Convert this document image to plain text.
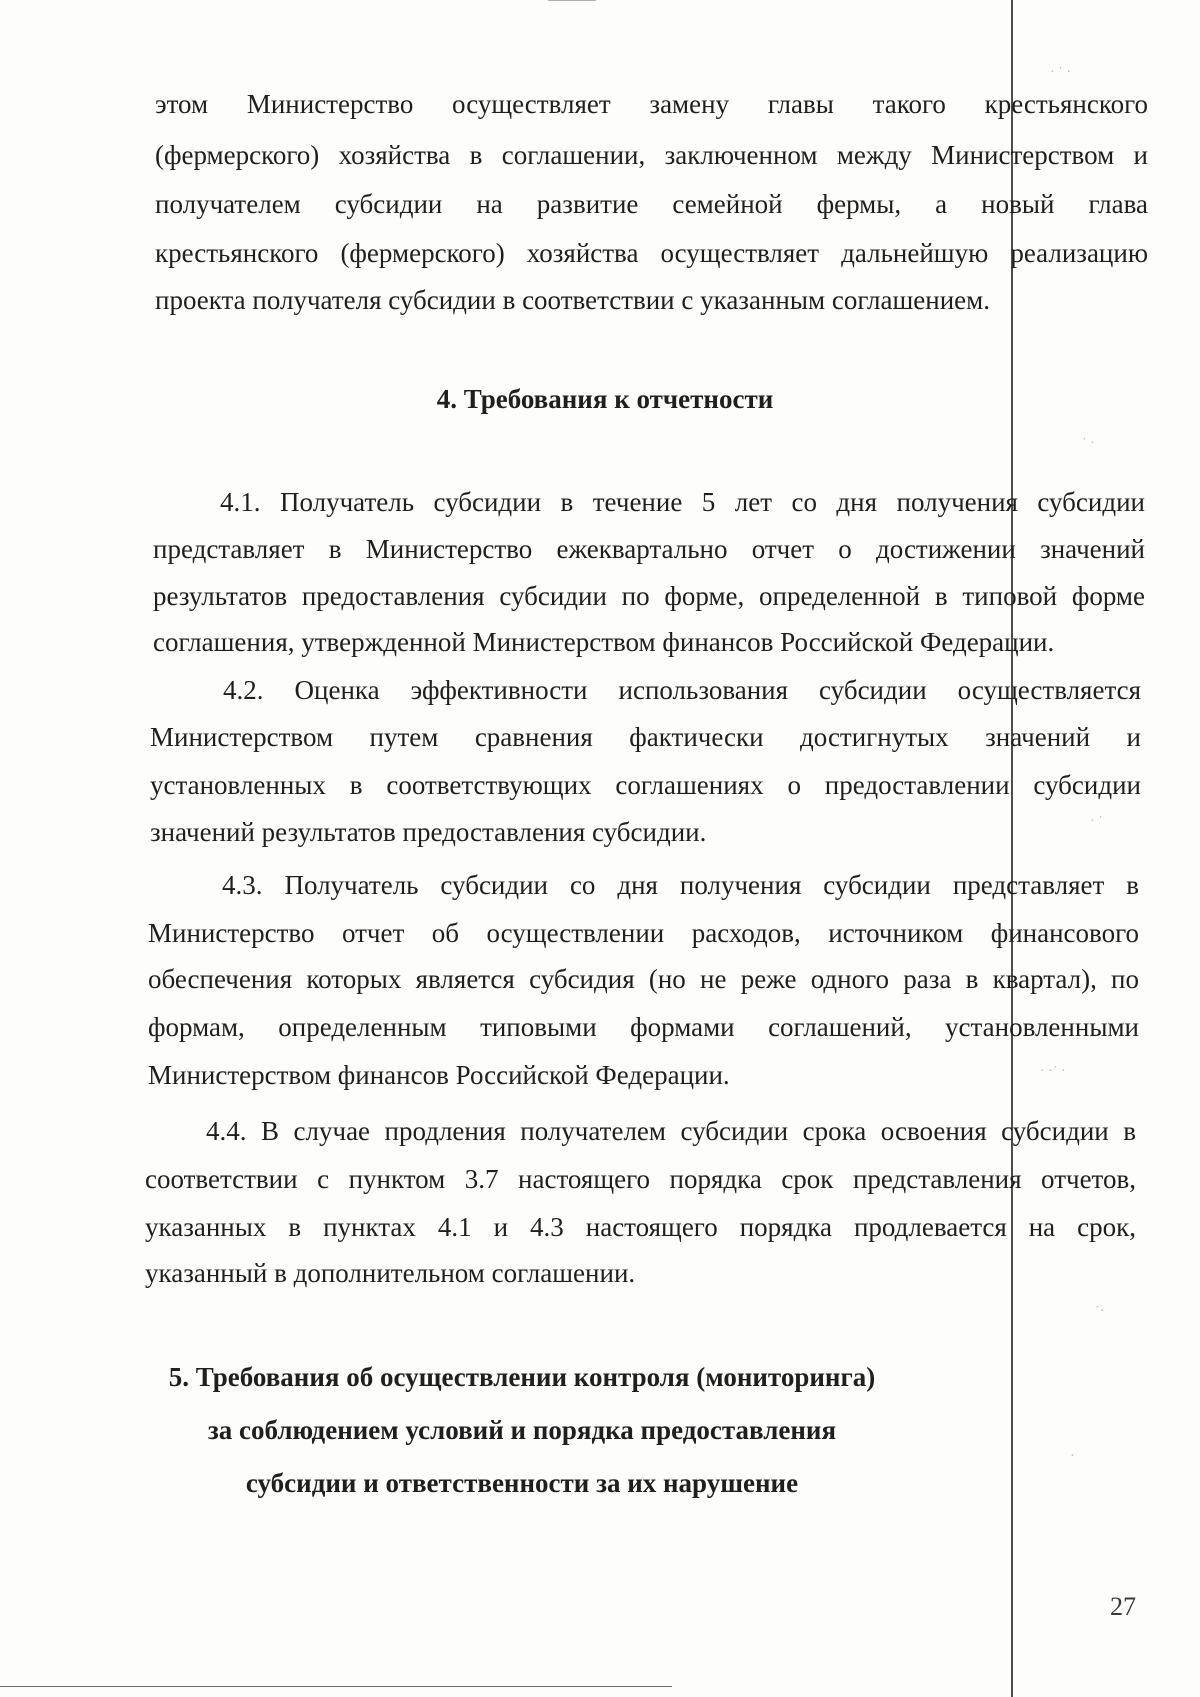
этом Министерство осуществляет замену главы такого крестьянского
(фермерского) хозяйства в соглашении, заключенном между Министерством и
получателем субсидии на развитие семейной фермы, а новый глава
крестьянского (фермерского) хозяйства осуществляет дальнейшую реализацию
проекта получателя субсидии в соответствии с указанным соглашением.
4. Требования к отчетности
4.1. Получатель субсидии в течение 5 лет со дня получения субсидии
представляет в Министерство ежеквартально отчет о достижении значений
результатов предоставления субсидии по форме, определенной в типовой форме
соглашения, утвержденной Министерством финансов Российской Федерации.
4.2. Оценка эффективности использования субсидии осуществляется
Министерством путем сравнения фактически достигнутых значений и
установленных в соответствующих соглашениях о предоставлении субсидии
значений результатов предоставления субсидии.
4.3. Получатель субсидии со дня получения субсидии представляет в
Министерство отчет об осуществлении расходов, источником финансового
обеспечения которых является субсидия (но не реже одного раза в квартал), по
формам, определенным типовыми формами соглашений, установленными
Министерством финансов Российской Федерации.
4.4. В случае продления получателем субсидии срока освоения субсидии в
соответствии с пунктом 3.7 настоящего порядка срок представления отчетов,
указанных в пунктах 4.1 и 4.3 настоящего порядка продлевается на срок,
указанный в дополнительном соглашении.
5. Требования об осуществлении контроля (мониторинга)
за соблюдением условий и порядка предоставления
субсидии и ответственности за их нарушение
27
· ˙ ·
˙ ·
· ˙
· ·˙ ·
˙·
·
